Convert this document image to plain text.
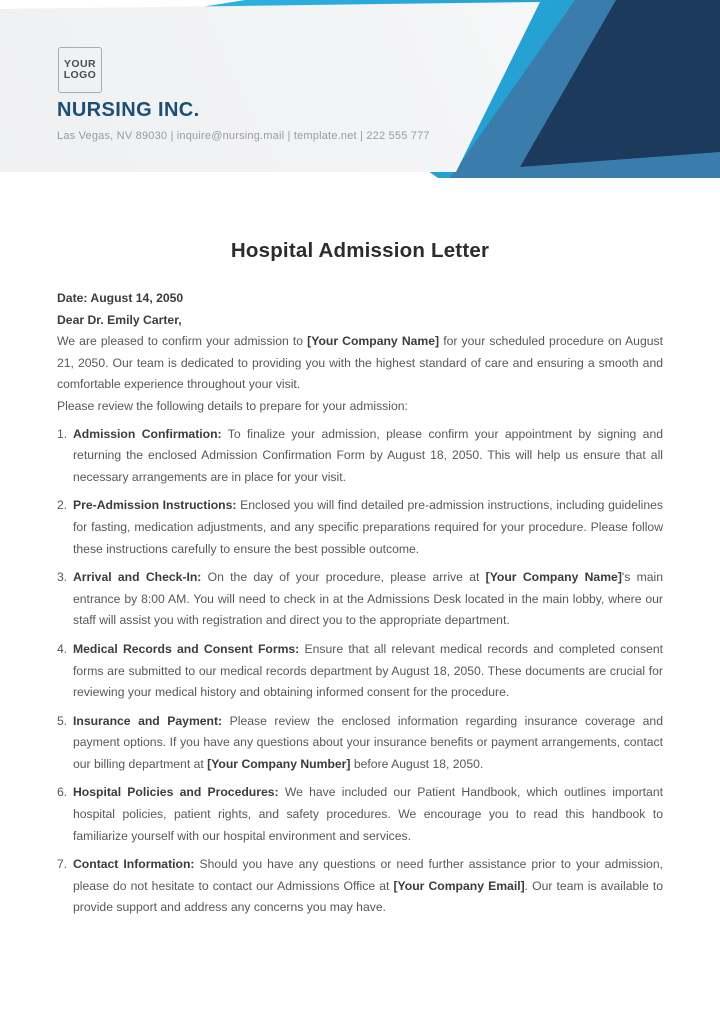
YOUR
LOGO
NURSING INC.
Las Vegas, NV 89030 | inquire@nursing.mail | template.net | 222 555 777
Hospital Admission Letter

Date: August 14, 2050

Dear Dr. Emily Carter,

We are pleased to confirm your admission to [Your Company Name] for your scheduled procedure on August 21, 2050. Our team is dedicated to providing you with the highest standard of care and ensuring a smooth and comfortable experience throughout your visit.

Please review the following details to prepare for your admission:

Admission Confirmation: To finalize your admission, please confirm your appointment by signing and returning the enclosed Admission Confirmation Form by August 18, 2050. This will help us ensure that all necessary arrangements are in place for your visit.
Pre-Admission Instructions: Enclosed you will find detailed pre-admission instructions, including guidelines for fasting, medication adjustments, and any specific preparations required for your procedure. Please follow these instructions carefully to ensure the best possible outcome.
Arrival and Check-In: On the day of your procedure, please arrive at [Your Company Name]'s main entrance by 8:00 AM. You will need to check in at the Admissions Desk located in the main lobby, where our staff will assist you with registration and direct you to the appropriate department.
Medical Records and Consent Forms: Ensure that all relevant medical records and completed consent forms are submitted to our medical records department by August 18, 2050. These documents are crucial for reviewing your medical history and obtaining informed consent for the procedure.
Insurance and Payment: Please review the enclosed information regarding insurance coverage and payment options. If you have any questions about your insurance benefits or payment arrangements, contact our billing department at [Your Company Number] before August 18, 2050.
Hospital Policies and Procedures: We have included our Patient Handbook, which outlines important hospital policies, patient rights, and safety procedures. We encourage you to read this handbook to familiarize yourself with our hospital environment and services.
Contact Information: Should you have any questions or need further assistance prior to your admission, please do not hesitate to contact our Admissions Office at [Your Company Email]. Our team is available to provide support and address any concerns you may have.
